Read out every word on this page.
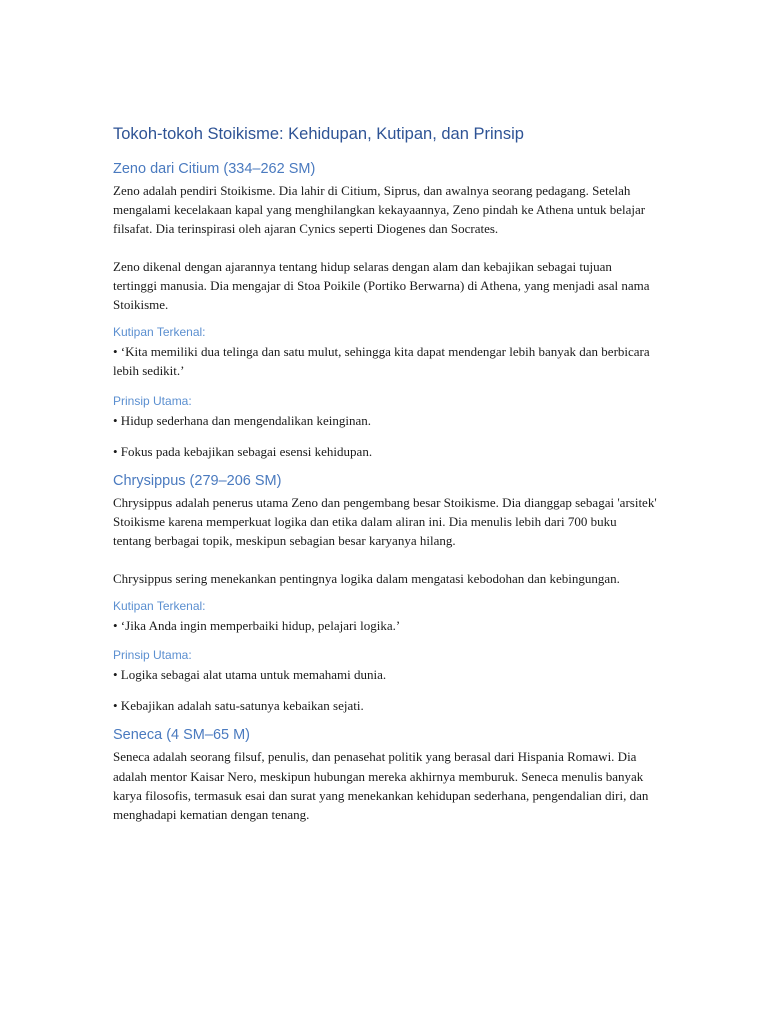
Tokoh-tokoh Stoikisme: Kehidupan, Kutipan, dan Prinsip
Zeno dari Citium (334–262 SM)

Zeno adalah pendiri Stoikisme. Dia lahir di Citium, Siprus, dan awalnya seorang pedagang. Setelah mengalami kecelakaan kapal yang menghilangkan kekayaannya, Zeno pindah ke Athena untuk belajar filsafat. Dia terinspirasi oleh ajaran Cynics seperti Diogenes dan Socrates.

Zeno dikenal dengan ajarannya tentang hidup selaras dengan alam dan kebajikan sebagai tujuan tertinggi manusia. Dia mengajar di Stoa Poikile (Portiko Berwarna) di Athena, yang menjadi asal nama Stoikisme.

Kutipan Terkenal:

• ‘Kita memiliki dua telinga dan satu mulut, sehingga kita dapat mendengar lebih banyak dan berbicara lebih sedikit.’

Prinsip Utama:

• Hidup sederhana dan mengendalikan keinginan.

• Fokus pada kebajikan sebagai esensi kehidupan.

Chrysippus (279–206 SM)

Chrysippus adalah penerus utama Zeno dan pengembang besar Stoikisme. Dia dianggap sebagai 'arsitek' Stoikisme karena memperkuat logika dan etika dalam aliran ini. Dia menulis lebih dari 700 buku tentang berbagai topik, meskipun sebagian besar karyanya hilang.

Chrysippus sering menekankan pentingnya logika dalam mengatasi kebodohan dan kebingungan.

Kutipan Terkenal:

• ‘Jika Anda ingin memperbaiki hidup, pelajari logika.’

Prinsip Utama:

• Logika sebagai alat utama untuk memahami dunia.

• Kebajikan adalah satu-satunya kebaikan sejati.

Seneca (4 SM–65 M)

Seneca adalah seorang filsuf, penulis, dan penasehat politik yang berasal dari Hispania Romawi. Dia adalah mentor Kaisar Nero, meskipun hubungan mereka akhirnya memburuk. Seneca menulis banyak karya filosofis, termasuk esai dan surat yang menekankan kehidupan sederhana, pengendalian diri, dan menghadapi kematian dengan tenang.
